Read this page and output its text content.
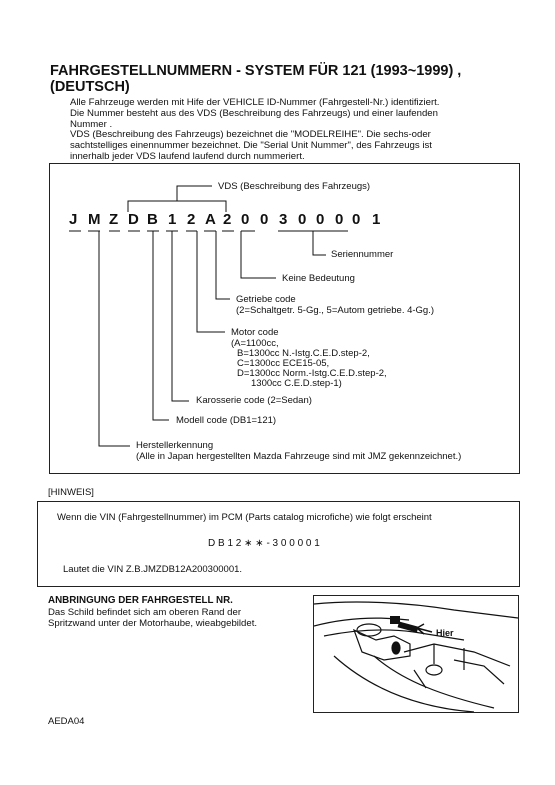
FAHRGESTELLNUMMERN - SYSTEM FÜR 121 (1993~1999) , (DEUTSCH)
Alle Fahrzeuge werden mit Hife der VEHICLE ID-Nummer (Fahrgestell-Nr.) identifiziert.
Die Nummer besteht aus des VDS (Beschreibung des Fahrzeugs) und einer laufenden
Nummer .
VDS (Beschreibung des Fahrzeugs) bezeichnet die "MODELREIHE". Die sechs-oder
sachtstelliges einennummer bezeichnet. Die "Serial Unit Nummer", des Fahrzeugs ist
innerhalb jeder VDS laufend laufend durch nummeriert.
VDS (Beschreibung des Fahrzeugs)
J M Z D B 1 2 A 2 0 0 3 0 0 0 0 1
Seriennummer
Keine Bedeutung
Getriebe code
(2=Schaltgetr. 5-Gg., 5=Autom getriebe. 4-Gg.)
Motor code
(A=1100cc,
B=1300cc N.-Istg.C.E.D.step-2,
C=1300cc ECE15-05,
D=1300cc Norm.-Istg.C.E.D.step-2,
1300cc C.E.D.step-1)
Karosserie code (2=Sedan)
Modell code (DB1=121)
Herstellerkennung
(Alle in Japan hergestellten Mazda Fahrzeuge sind mit JMZ gekennzeichnet.)
[HINWEIS]
Wenn die VIN (Fahrgestellnummer) im PCM (Parts catalog microfiche) wie folgt erscheint
D B 1 2 ∗ ∗ - 3 0 0 0 0 1
Lautet die VIN Z.B.JMZDB12A200300001.
ANBRINGUNG DER FAHRGESTELL NR.
Das Schild befindet sich am oberen Rand der
Spritzwand unter der Motorhaube, wieabgebildet.
Hier
AEDA04
